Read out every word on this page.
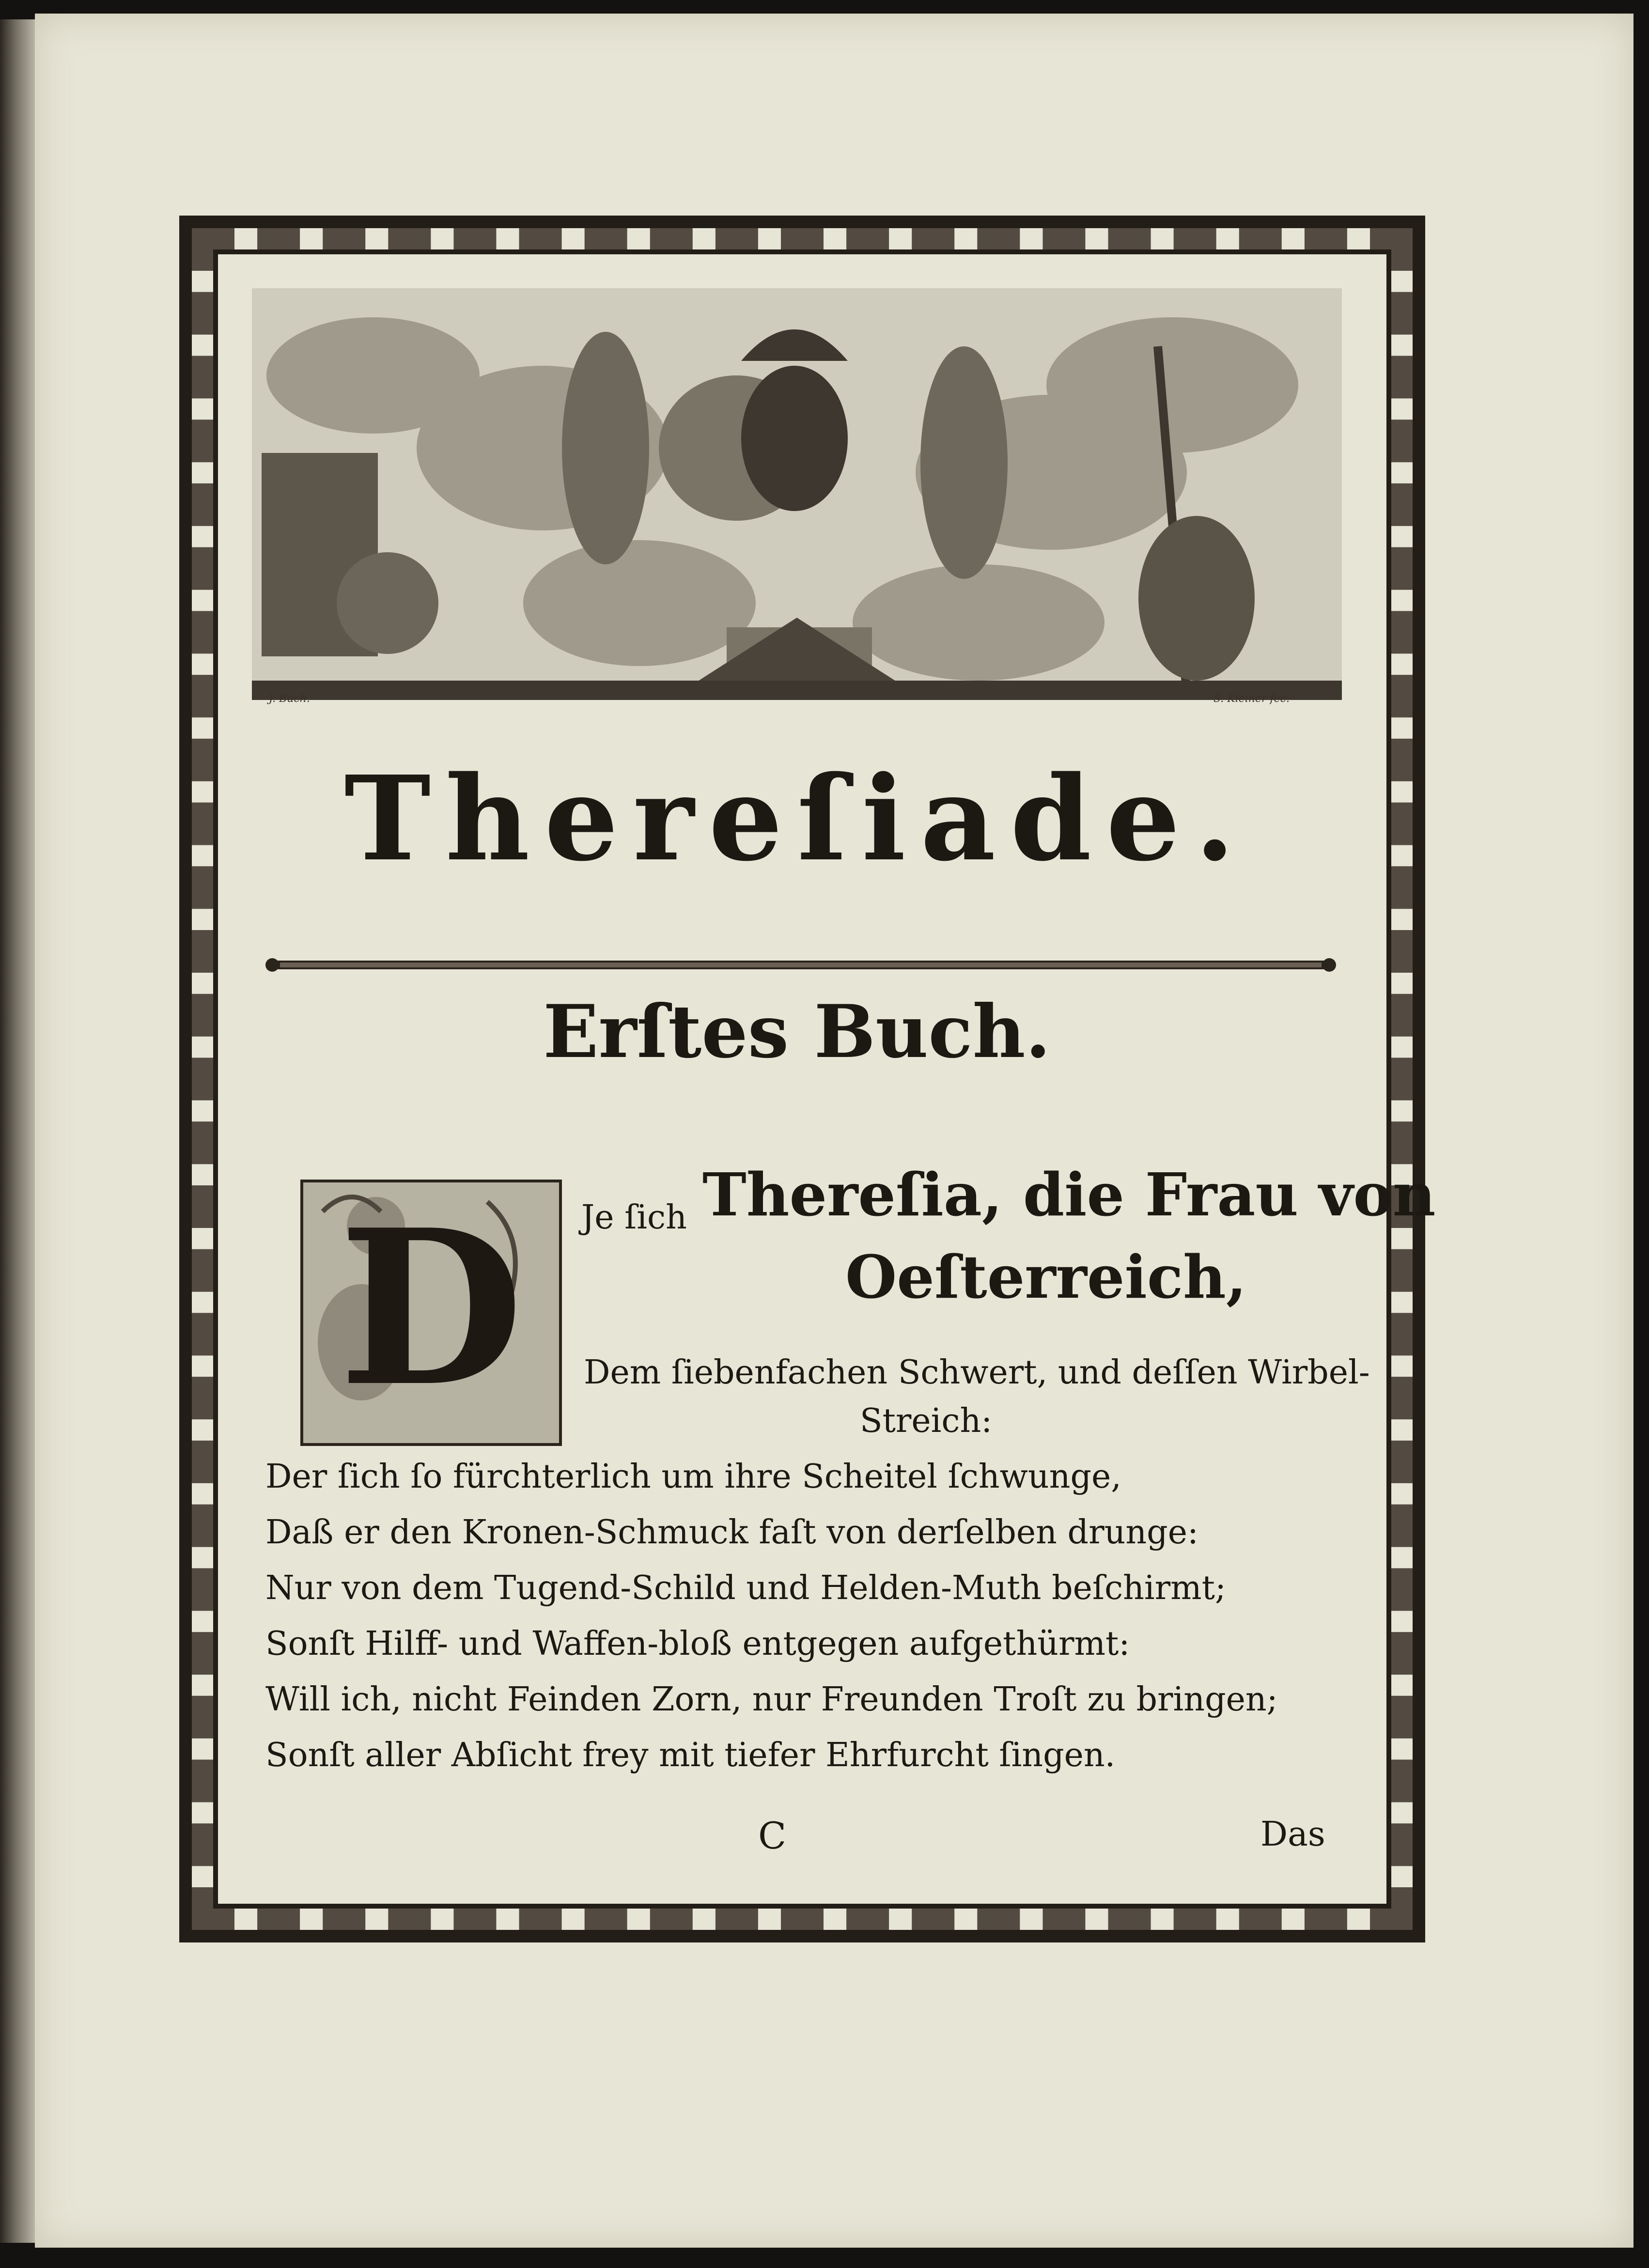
J. Buch.	S. Kleiner fec.
Thereſiade.
Erſtes Buch.
D	Je ſich Thereſia, die Frau von
Oeſterreich,
Dem ſiebenfachen Schwert, und deſſen Wirbel-
Streich:
Der ſich ſo fürchterlich um ihre Scheitel ſchwunge,
Daß er den Kronen-Schmuck faſt von derſelben drunge:
Nur von dem Tugend-Schild und Helden-Muth beſchirmt;
Sonſt Hilff- und Waffen-bloß entgegen aufgethürmt:
Will ich, nicht Feinden Zorn, nur Freunden Troſt zu bringen;
Sonſt aller Abſicht frey mit tiefer Ehrfurcht ſingen.
C	Das
